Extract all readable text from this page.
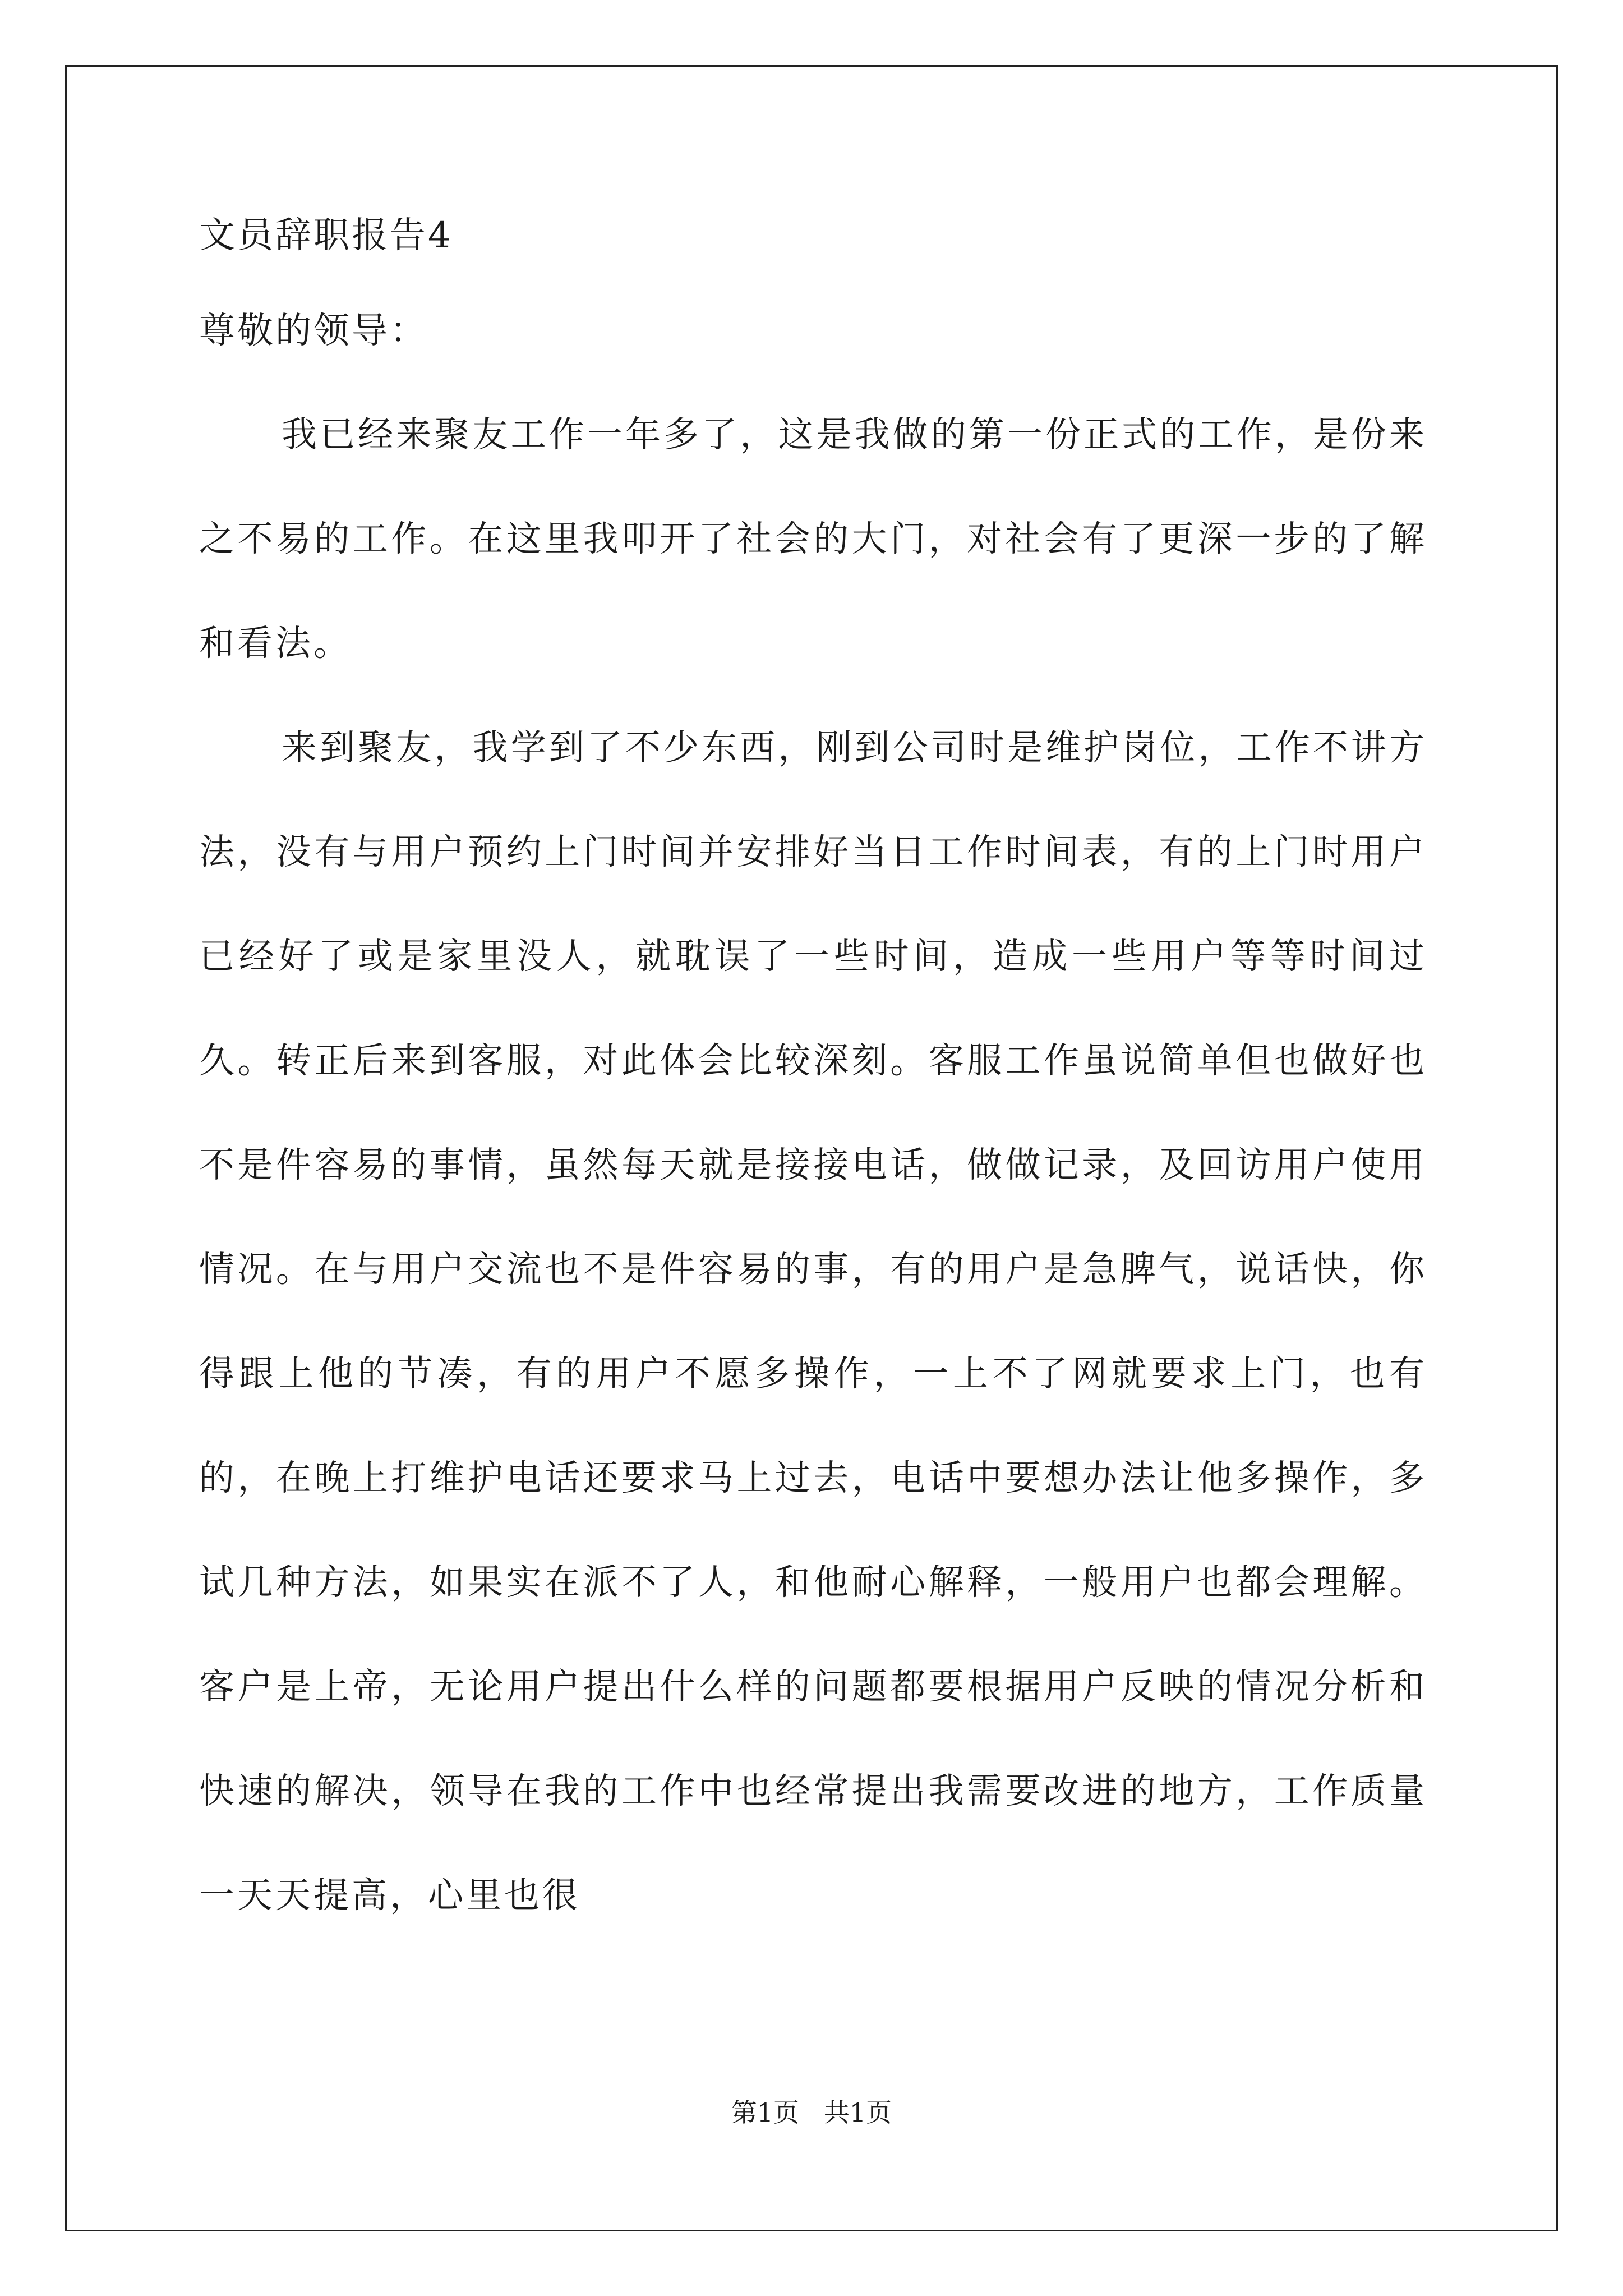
文员辞职报告4
尊敬的领导：

我已经来聚友工作一年多了，这是我做的第一份正式的工作，是份来之不易的工作。在这里我叩开了社会的大门，对社会有了更深一步的了解和看法。

来到聚友，我学到了不少东西，刚到公司时是维护岗位，工作不讲方法，没有与用户预约上门时间并安排好当日工作时间表，有的上门时用户已经好了或是家里没人，就耽误了一些时间，造成一些用户等等时间过久。转正后来到客服，对此体会比较深刻。客服工作虽说简单但也做好也不是件容易的事情，虽然每天就是接接电话，做做记录，及回访用户使用情况。在与用户交流也不是件容易的事，有的用户是急脾气，说话快，你得跟上他的节凑，有的用户不愿多操作，一上不了网就要求上门，也有的，在晚上打维护电话还要求马上过去，电话中要想办法让他多操作，多试几种方法，如果实在派不了人，和他耐心解释，一般用户也都会理解。客户是上帝，无论用户提出什么样的问题都要根据用户反映的情况分析和快速的解决，领导在我的工作中也经常提出我需要改进的地方，工作质量一天天提高，心里也很

第1页   共1页
